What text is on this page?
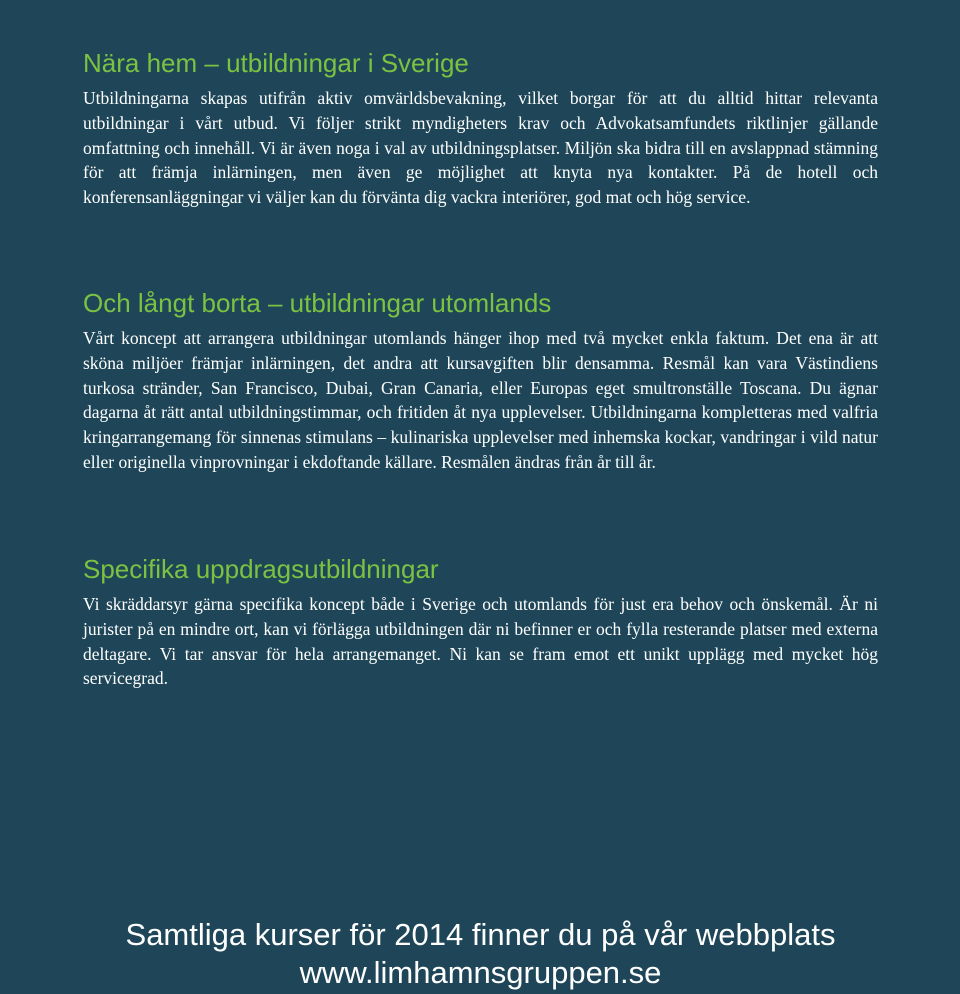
Nära hem – utbildningar i Sverige

Utbildningarna skapas utifrån aktiv omvärldsbevakning, vilket borgar för att du alltid hittar relevanta utbildningar i vårt utbud. Vi följer strikt myndigheters krav och Advokatsamfundets riktlinjer gällande omfattning och innehåll. Vi är även noga i val av utbildningsplatser. Miljön ska bidra till en avslappnad stämning för att främja inlärningen, men även ge möjlighet att knyta nya kontakter. På de hotell och konferensanläggningar vi väljer kan du förvänta dig vackra interiörer, god mat och hög service.

Och långt borta – utbildningar utomlands

Vårt koncept att arrangera utbildningar utomlands hänger ihop med två mycket enkla faktum. Det ena är att sköna miljöer främjar inlärningen, det andra att kursavgiften blir densamma. Resmål kan vara Västindiens turkosa stränder, San Francisco, Dubai, Gran Canaria, eller Europas eget smultronställe Toscana. Du ägnar dagarna åt rätt antal utbildningstimmar, och fritiden åt nya upplevelser. Utbildningarna kompletteras med valfria kringarrangemang för sinnenas stimulans – kulinariska upplevelser med inhemska kockar, vandringar i vild natur eller originella vinprovningar i ekdoftande källare. Resmålen ändras från år till år.

Specifika uppdragsutbildningar

Vi skräddarsyr gärna specifika koncept både i Sverige och utomlands för just era behov och önskemål. Är ni jurister på en mindre ort, kan vi förlägga utbildningen där ni befinner er och fylla resterande platser med externa deltagare. Vi tar ansvar för hela arrangemanget. Ni kan se fram emot ett unikt upplägg med mycket hög servicegrad.

Samtliga kurser för 2014 finner du på vår webbplats

www.limhamnsgruppen.se
